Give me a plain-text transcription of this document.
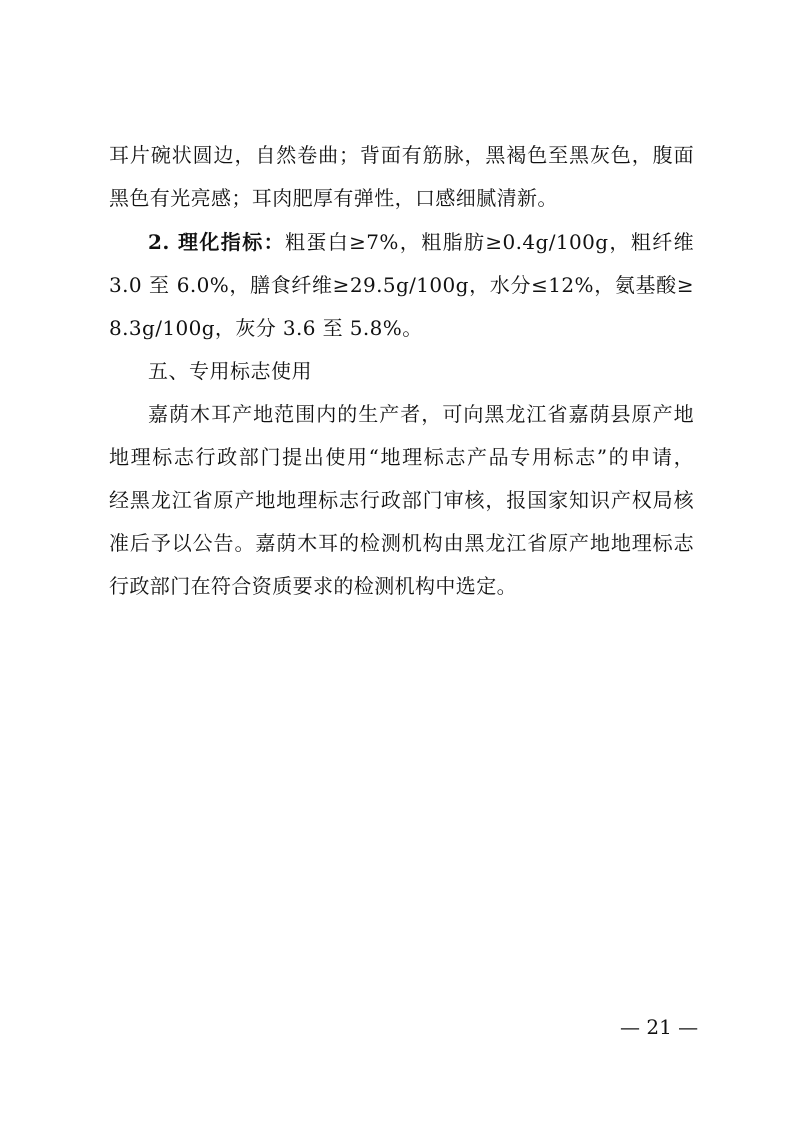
耳片碗状圆边，自然卷曲；背面有筋脉，黑褐色至黑灰色，腹面
黑色有光亮感；耳肉肥厚有弹性，口感细腻清新。
2. 理化指标：粗蛋白≥7%，粗脂肪≥0.4g/100g，粗纤维
3.0 至 6.0%，膳食纤维≥29.5g/100g，水分≤12%，氨基酸≥
8.3g/100g，灰分 3.6 至 5.8%。
五、专用标志使用
嘉荫木耳产地范围内的生产者，可向黑龙江省嘉荫县原产地
地理标志行政部门提出使用“地理标志产品专用标志”的申请，
经黑龙江省原产地地理标志行政部门审核，报国家知识产权局核
准后予以公告。嘉荫木耳的检测机构由黑龙江省原产地地理标志
行政部门在符合资质要求的检测机构中选定。
— 21 —
